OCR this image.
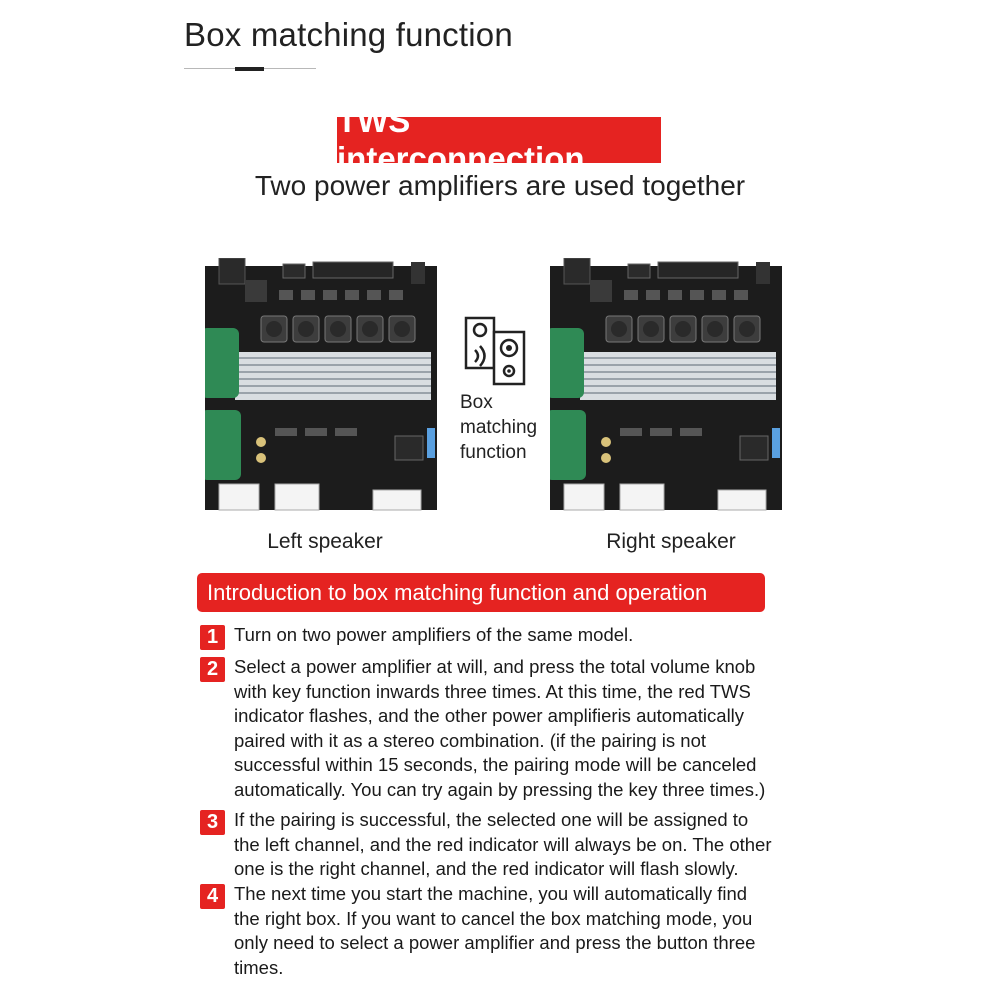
Box matching function
TWS interconnection
Two power amplifiers are used together
Box
matching
function
Left speaker	Right speaker
Introduction to box matching function and operation
1 Turn on two power amplifiers of the same model.
2 Select a power amplifier at will, and press the total volume knob
with key function inwards three times. At this time, the red TWS
indicator flashes, and the other power amplifieris automatically
paired with it as a stereo combination. (if the pairing is not
successful within 15 seconds, the pairing mode will be canceled
automatically. You can try again by pressing the key three times.)
3 If the pairing is successful, the selected one will be assigned to
the left channel, and the red indicator will always be on. The other
one is the right channel, and the red indicator will flash slowly.
4 The next time you start the machine, you will automatically find
the right box. If you want to cancel the box matching mode, you
only need to select a power amplifier and press the button three
times.
